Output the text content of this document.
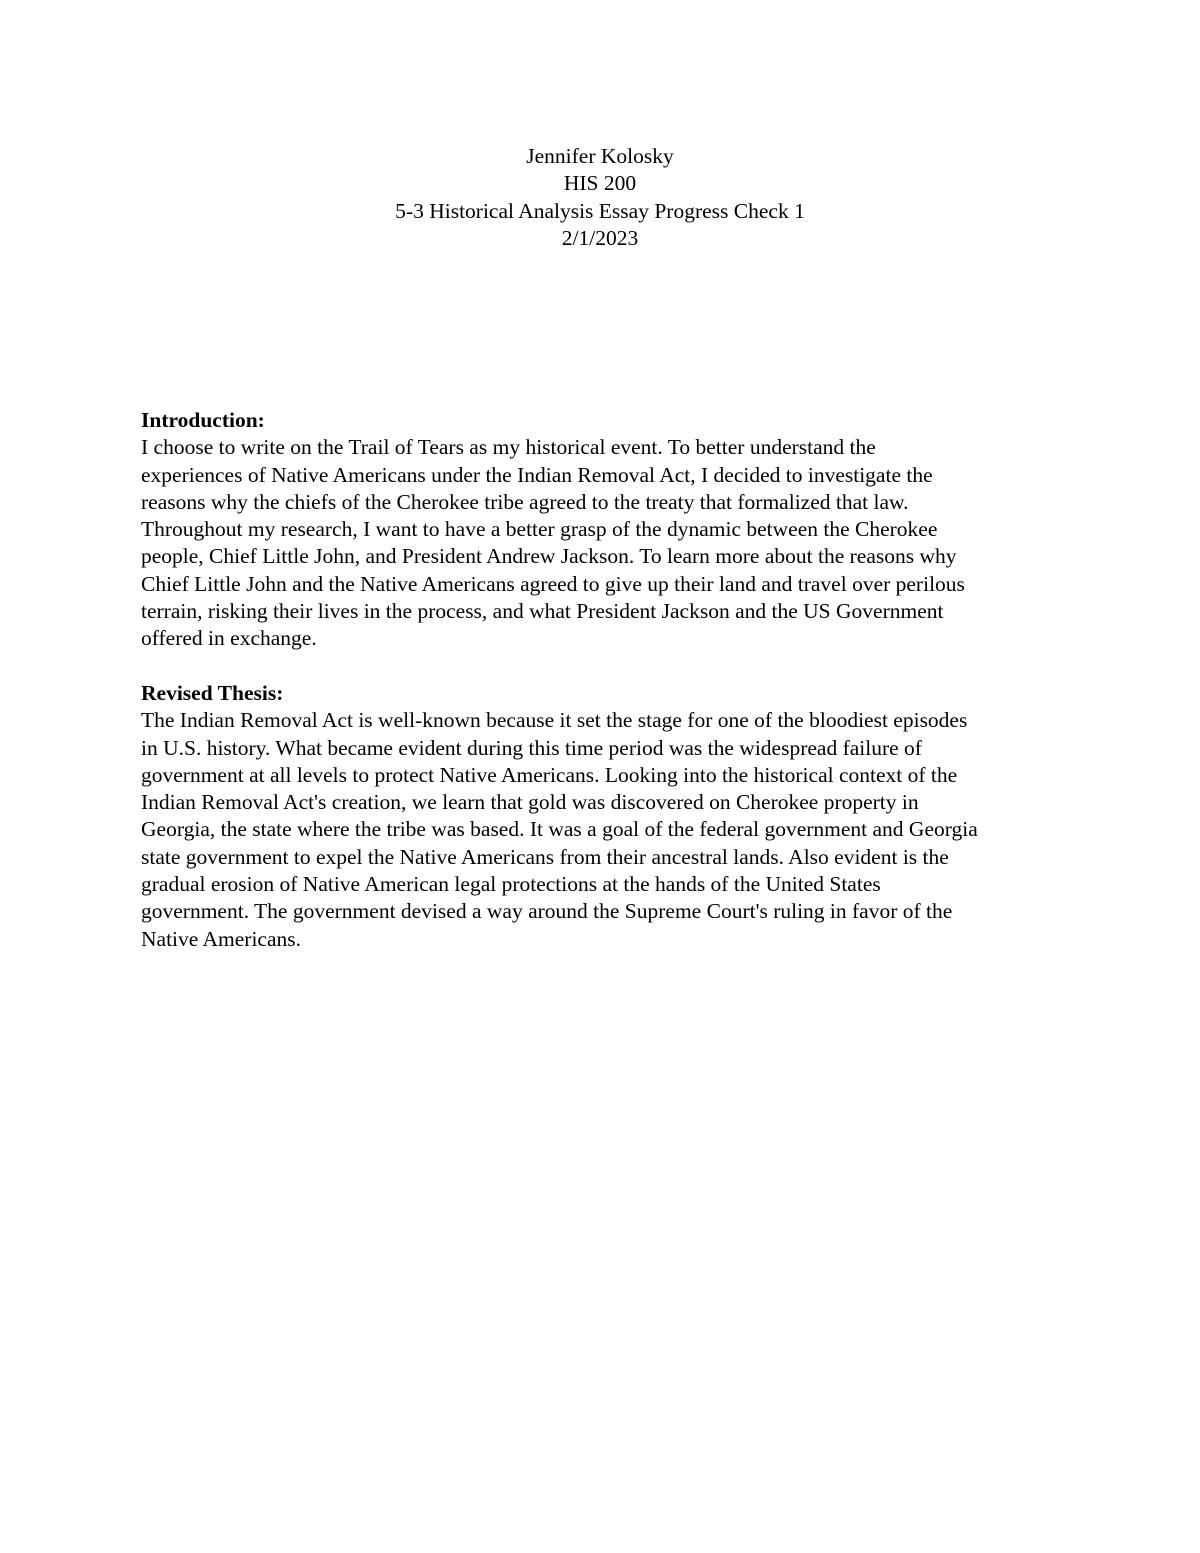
Jennifer Kolosky
HIS 200
5-3 Historical Analysis Essay Progress Check 1
2/1/2023
Introduction:
I choose to write on the Trail of Tears as my historical event. To better understand the
experiences of Native Americans under the Indian Removal Act, I decided to investigate the
reasons why the chiefs of the Cherokee tribe agreed to the treaty that formalized that law.
Throughout my research, I want to have a better grasp of the dynamic between the Cherokee
people, Chief Little John, and President Andrew Jackson. To learn more about the reasons why
Chief Little John and the Native Americans agreed to give up their land and travel over perilous
terrain, risking their lives in the process, and what President Jackson and the US Government
offered in exchange.
Revised Thesis:
The Indian Removal Act is well-known because it set the stage for one of the bloodiest episodes
in U.S. history. What became evident during this time period was the widespread failure of
government at all levels to protect Native Americans. Looking into the historical context of the
Indian Removal Act's creation, we learn that gold was discovered on Cherokee property in
Georgia, the state where the tribe was based. It was a goal of the federal government and Georgia
state government to expel the Native Americans from their ancestral lands. Also evident is the
gradual erosion of Native American legal protections at the hands of the United States
government. The government devised a way around the Supreme Court's ruling in favor of the
Native Americans.
